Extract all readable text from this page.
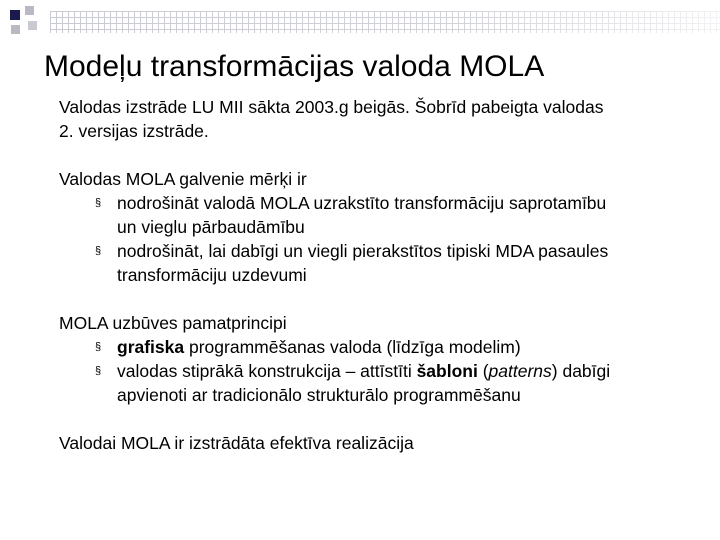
Modeļu transformācijas valoda MOLA

Valodas izstrāde LU MII sākta 2003.g beigās. Šobrīd pabeigta valodas
2. versijas izstrāde.

Valodas MOLA galvenie mērķi ir

§ nodrošināt valodā MOLA uzrakstīto transformāciju saprotamību
un vieglu pārbaudāmību
§ nodrošināt, lai dabīgi un viegli pierakstītos tipiski MDA pasaules
transformāciju uzdevumi

MOLA uzbūves pamatprincipi

§ grafiska programmēšanas valoda (līdzīga modelim)
§ valodas stiprākā konstrukcija – attīstīti šabloni (patterns) dabīgi
apvienoti ar tradicionālo strukturālo programmēšanu

Valodai MOLA ir izstrādāta efektīva realizācija
